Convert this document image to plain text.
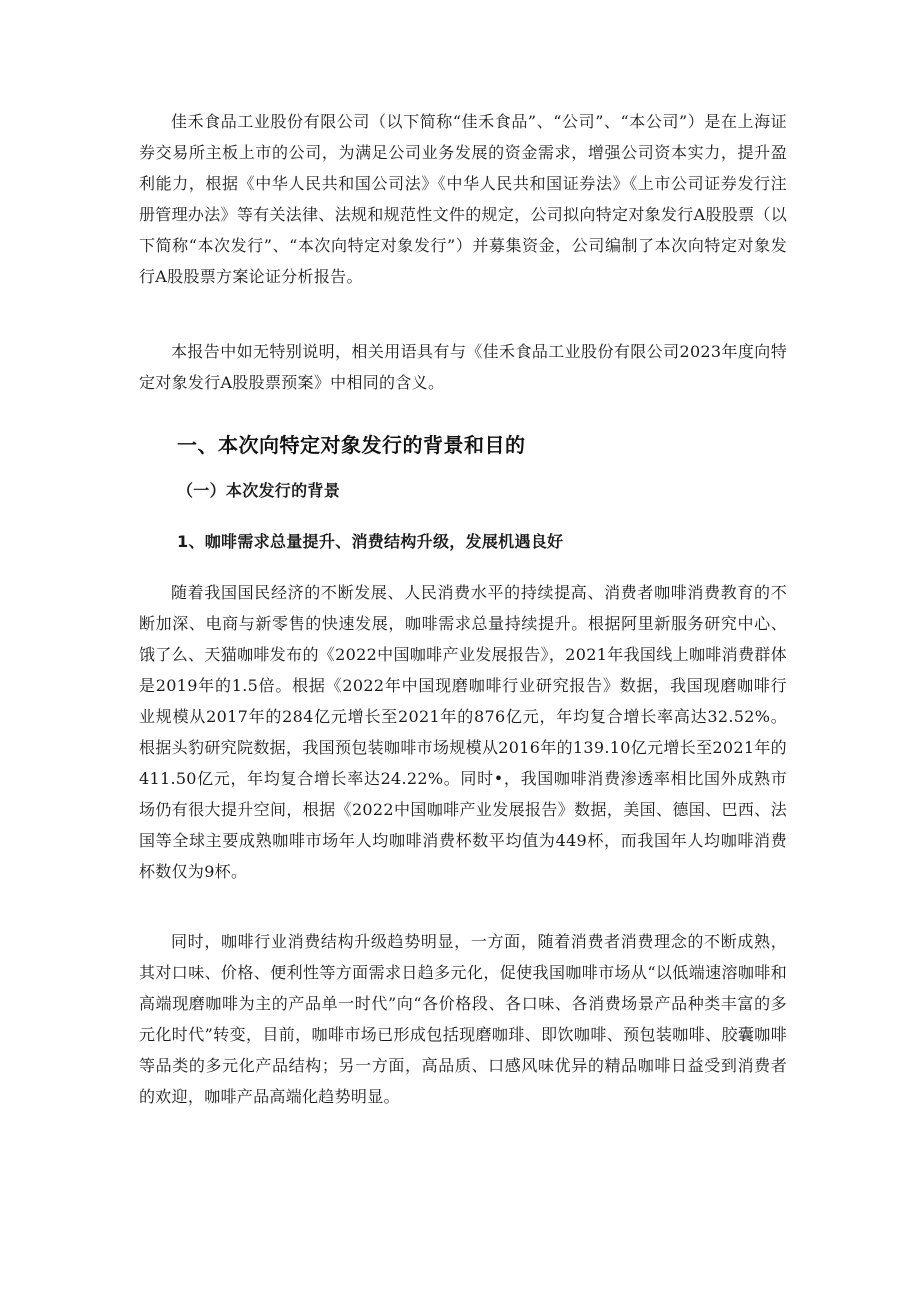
佳禾食品工业股份有限公司（以下简称“佳禾食品”、“公司”、“本公司”）是在上海证券交易所主板上市的公司，为满足公司业务发展的资金需求，增强公司资本实力，提升盈利能力，根据《中华人民共和国公司法》《中华人民共和国证券法》《上市公司证券发行注册管理办法》等有关法律、法规和规范性文件的规定，公司拟向特定对象发行A股股票（以下简称“本次发行”、“本次向特定对象发行”）并募集资金，公司编制了本次向特定对象发行A股股票方案论证分析报告。

本报告中如无特别说明，相关用语具有与《佳禾食品工业股份有限公司2023年度向特定对象发行A股股票预案》中相同的含义。

一、本次向特定对象发行的背景和目的
（一）本次发行的背景
1、咖啡需求总量提升、消费结构升级，发展机遇良好

随着我国国民经济的不断发展、人民消费水平的持续提高、消费者咖啡消费教育的不断加深、电商与新零售的快速发展，咖啡需求总量持续提升。根据阿里新服务研究中心、饿了么、天猫咖啡发布的《2022中国咖啡产业发展报告》，2021年我国线上咖啡消费群体是2019年的1.5倍。根据《2022年中国现磨咖啡行业研究报告》数据，我国现磨咖啡行业规模从2017年的284亿元增长至2021年的876亿元，年均复合增长率高达32.52%。根据头豹研究院数据，我国预包装咖啡市场规模从2016年的139.10亿元增长至2021年的411.50亿元，年均复合增长率达24.22%。同时•，我国咖啡消费渗透率相比国外成熟市场仍有很大提升空间，根据《2022中国咖啡产业发展报告》数据，美国、德国、巴西、法国等全球主要成熟咖啡市场年人均咖啡消费杯数平均值为449杯，而我国年人均咖啡消费杯数仅为9杯。

同时，咖啡行业消费结构升级趋势明显，一方面，随着消费者消费理念的不断成熟，其对口味、价格、便利性等方面需求日趋多元化，促使我国咖啡市场从“以低端速溶咖啡和高端现磨咖啡为主的产品单一时代”向“各价格段、各口味、各消费场景产品种类丰富的多元化时代”转变，目前，咖啡市场已形成包括现磨咖琲、即饮咖啡、预包装咖啡、胶囊咖啡等品类的多元化产品结构；另一方面，高品质、口感风味优异的精品咖啡日益受到消费者的欢迎，咖啡产品高端化趋势明显。
